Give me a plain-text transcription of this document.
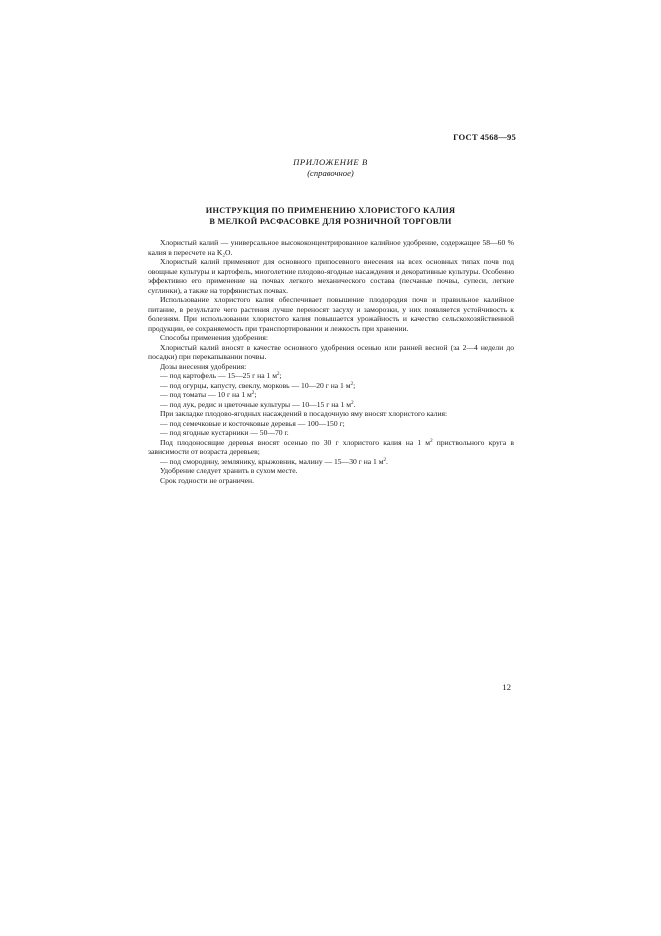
ГОСТ 4568—95
ПРИЛОЖЕНИЕ В
(справочное)
ИНСТРУКЦИЯ ПО ПРИМЕНЕНИЮ ХЛОРИСТОГО КАЛИЯ
В МЕЛКОЙ РАСФАСОВКЕ ДЛЯ РОЗНИЧНОЙ ТОРГОВЛИ

Хлористый калий — универсальное высококонцентрированное калийное удобрение, содержащее 58—60 % калия в пересчете на K₂O.

Хлористый калий применяют для основного припосевного внесения на всех основных типах почв под овощные культуры и картофель, многолетние плодово-ягодные насаждения и декоративные культуры. Особенно эффективно его применение на почвах легкого механического состава (песчаные почвы, супеси, легкие суглинки), а также на торфянистых почвах.

Использование хлористого калия обеспечивает повышение плодородия почв и правильное калийное питание, в результате чего растения лучше переносят засуху и заморозки, у них появляется устойчивость к болезням. При использовании хлористого калия повышается урожайность и качество сельскохозяйственной продукции, ее сохраняемость при транспортировании и лежкость при хранении.

Способы применения удобрения:

Хлористый калий вносят в качестве основного удобрения осенью или ранней весной (за 2—4 недели до посадки) при перекапывании почвы.

Дозы внесения удобрения:

— под картофель — 15—25 г на 1 $м^2$;

— под огурцы, капусту, свеклу, морковь — 10—20 г на 1 $м^2$;

— под томаты — 10 г на 1 $м^2$;

— под лук, редис и цветочные культуры — 10—15 г на 1 $м^2$.

При закладке плодово-ягодных насаждений в посадочную яму вносят хлористого калия:

— под семечковые и косточковые деревья — 100—150 г;

— под ягодные кустарники — 50—70 г.

Под плодоносящие деревья вносят осенью по 30 г хлористого калия на 1 $м^2$ приствольного круга в зависимости от возраста деревьев;

— под смородину, землянику, крыжовник, малину — 15—30 г на 1 $м^2$.

Удобрение следует хранить в сухом месте.

Срок годности не ограничен.

12
